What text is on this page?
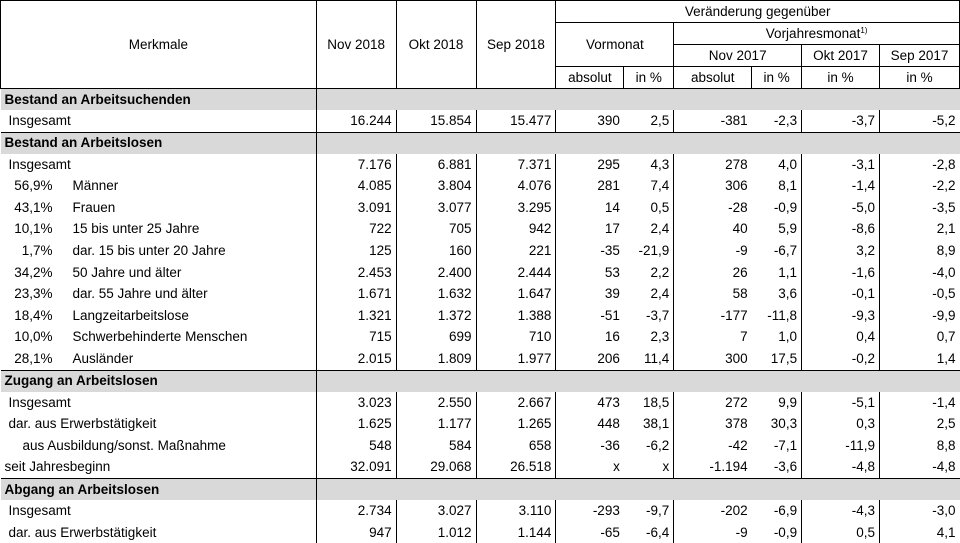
Merkmale	Nov 2018	Okt 2018	Sep 2018	Veränderung gegenüber					
				Vormonat		Vorjahresmonat$^{1)}$
						Nov 2017		Okt 2017	Sep 2017
				absolut	in %	absolut	in %	in %	in %
Bestand an Arbeitsuchenden									
Insgesamt	16.244	15.854	15.477	390	2,5	-381	-2,3	-3,7	-5,2
Bestand an Arbeitslosen									
Insgesamt	7.176	6.881	7.371	295	4,3	278	4,0	-3,1	-2,8
56,9% Männer	4.085	3.804	4.076	281	7,4	306	8,1	-1,4	-2,2
43,1% Frauen	3.091	3.077	3.295	14	0,5	-28	-0,9	-5,0	-3,5
10,1% 15 bis unter 25 Jahre	722	705	942	17	2,4	40	5,9	-8,6	2,1
1,7% dar. 15 bis unter 20 Jahre	125	160	221	-35	-21,9	-9	-6,7	3,2	8,9
34,2% 50 Jahre und älter	2.453	2.400	2.444	53	2,2	26	1,1	-1,6	-4,0
23,3% dar. 55 Jahre und älter	1.671	1.632	1.647	39	2,4	58	3,6	-0,1	-0,5
18,4% Langzeitarbeitslose	1.321	1.372	1.388	-51	-3,7	-177	-11,8	-9,3	-9,9
10,0% Schwerbehinderte Menschen	715	699	710	16	2,3	7	1,0	0,4	0,7
28,1% Ausländer	2.015	1.809	1.977	206	11,4	300	17,5	-0,2	1,4
Zugang an Arbeitslosen									
Insgesamt	3.023	2.550	2.667	473	18,5	272	9,9	-5,1	-1,4
dar. aus Erwerbstätigkeit	1.625	1.177	1.265	448	38,1	378	30,3	0,3	2,5
aus Ausbildung/sonst. Maßnahme	548	584	658	-36	-6,2	-42	-7,1	-11,9	8,8
seit Jahresbeginn	32.091	29.068	26.518	x	x	-1.194	-3,6	-4,8	-4,8
Abgang an Arbeitslosen									
Insgesamt	2.734	3.027	3.110	-293	-9,7	-202	-6,9	-4,3	-3,0
dar. aus Erwerbstätigkeit	947	1.012	1.144	-65	-6,4	-9	-0,9	0,5	4,1
